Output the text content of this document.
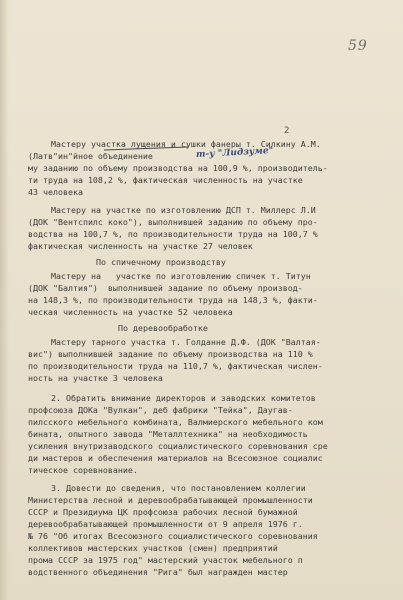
59
2
т-у "Лидзуме"
Мастеру участка лущения и сушки фанеры т. Силкину А.М.
(Латв"ин"йное объединение
му заданию по объему производства на 100,9 %, производитель-
ти труда на 108,2 %, фактическая численность на участке
43 человека
Мастеру на участке по изготовлению ДСП т. Миллерс Л.И
(ДОК "Вентспилс коко"), выполнившей заданию по объему про-
водства на 100,7 %, по производительности труда на 100,7 %
фактическая численность на участке 27 человек
По спичечному производству
Мастеру на   участке по изготовлению спичек т. Титун
(ДОК "Балтия")  выполнившей задание по объему производ-
на 148,3 %, по производительности труда на 148,3 %, факти-
ческая численность на участке 52 человека
По деревообработке
Мастеру тарного участка т. Голданне Д.Ф. (ДОК "Валтая-
вис") выполнившей задание по объему производства на 110 %
по производительности труда на 110,7 %, фактическая числен-
ность на участке 3 человека
2. Обратить внимание директоров и заводских комитетов
профсоюза ДОКа "Вулкан", деб фабрики "Тейка", Даугав-
пилсского мебельного комбината, Валмиерского мебельного ком
бината, опытного завода "Металлтехника" на необходимость
усиления внутризаводского социалистического соревнования сре
ди мастеров и обеспечения материалов на Всесоюзное социалис
тическое соревнование.
3. Довести до сведения, что постановлением коллегии
Министерства лесной и деревообрабатывающей промышленности
СССР и Президиума ЦК профсоюза рабочих лесной бумажной
деревообрабатывающей промышленности от 9 апреля 1976 г.
№ 76 "Об итогах Всесоюзного социалистического соревнования
коллективов мастерских участков (смен) предприятий
прома СССР за 1975 год" мастерский участок мебельного п
водственного объединения "Рига" был награжден мастер
